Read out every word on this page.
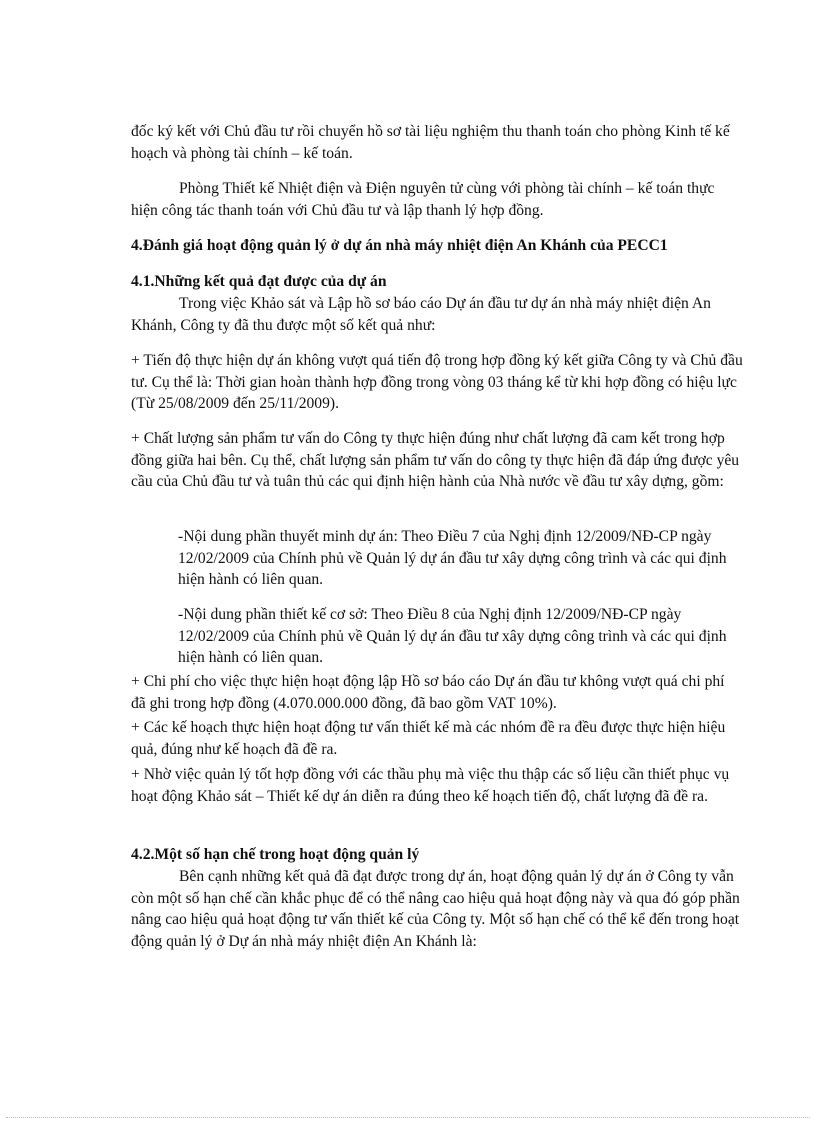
đốc ký kết với Chủ đầu tư rồi chuyển hồ sơ tài liệu nghiệm thu thanh toán cho phòng Kinh tế kế hoạch và phòng tài chính – kế toán.

Phòng Thiết kế Nhiệt điện và Điện nguyên tử cùng với phòng tài chính – kế toán thực hiện công tác thanh toán với Chủ đầu tư và lập thanh lý hợp đồng.

4.Đánh giá hoạt động quản lý ở dự án nhà máy nhiệt điện An Khánh của PECC1
4.1.Những kết quả đạt được của dự án

Trong việc Khảo sát và Lập hồ sơ báo cáo Dự án đầu tư dự án nhà máy nhiệt điện An Khánh, Công ty đã thu được một số kết quả như:

+ Tiến độ thực hiện dự án không vượt quá tiến độ trong hợp đồng ký kết giữa Công ty và Chủ đầu tư. Cụ thể là: Thời gian hoàn thành hợp đồng trong vòng 03 tháng kể từ khi hợp đồng có hiệu lực (Từ 25/08/2009 đến 25/11/2009).

+ Chất lượng sản phẩm tư vấn do Công ty thực hiện đúng như chất lượng đã cam kết trong hợp đồng giữa hai bên. Cụ thể, chất lượng sản phẩm tư vấn do công ty thực hiện đã đáp ứng được yêu cầu của Chủ đầu tư và tuân thủ các qui định hiện hành của Nhà nước về đầu tư xây dựng, gồm:

-Nội dung phần thuyết minh dự án: Theo Điều 7 của Nghị định 12/2009/NĐ-CP ngày 12/02/2009 của Chính phủ về Quản lý dự án đầu tư xây dựng công trình và các qui định hiện hành có liên quan.

-Nội dung phần thiết kế cơ sở: Theo Điều 8 của Nghị định 12/2009/NĐ-CP ngày 12/02/2009 của Chính phủ về Quản lý dự án đầu tư xây dựng công trình và các qui định hiện hành có liên quan.

+ Chi phí cho việc thực hiện hoạt động lập Hồ sơ báo cáo Dự án đầu tư không vượt quá chi phí đã ghi trong hợp đồng (4.070.000.000 đồng, đã bao gồm VAT 10%).

+ Các kế hoạch thực hiện hoạt động tư vấn thiết kế mà các nhóm đề ra đều được thực hiện hiệu quả, đúng như kế hoạch đã đề ra.

+ Nhờ việc quản lý tốt hợp đồng với các thầu phụ mà việc thu thập các số liệu cần thiết phục vụ hoạt động Khảo sát – Thiết kế dự án diễn ra đúng theo kế hoạch tiến độ, chất lượng đã đề ra.

4.2.Một số hạn chế trong hoạt động quản lý

Bên cạnh những kết quả đã đạt được trong dự án, hoạt động quản lý dự án ở Công ty vẫn còn một số hạn chế cần khắc phục để có thể nâng cao hiệu quả hoạt động này và qua đó góp phần nâng cao hiệu quả hoạt động tư vấn thiết kế của Công ty. Một số hạn chế có thể kể đến trong hoạt động quản lý ở Dự án nhà máy nhiệt điện An Khánh là:
